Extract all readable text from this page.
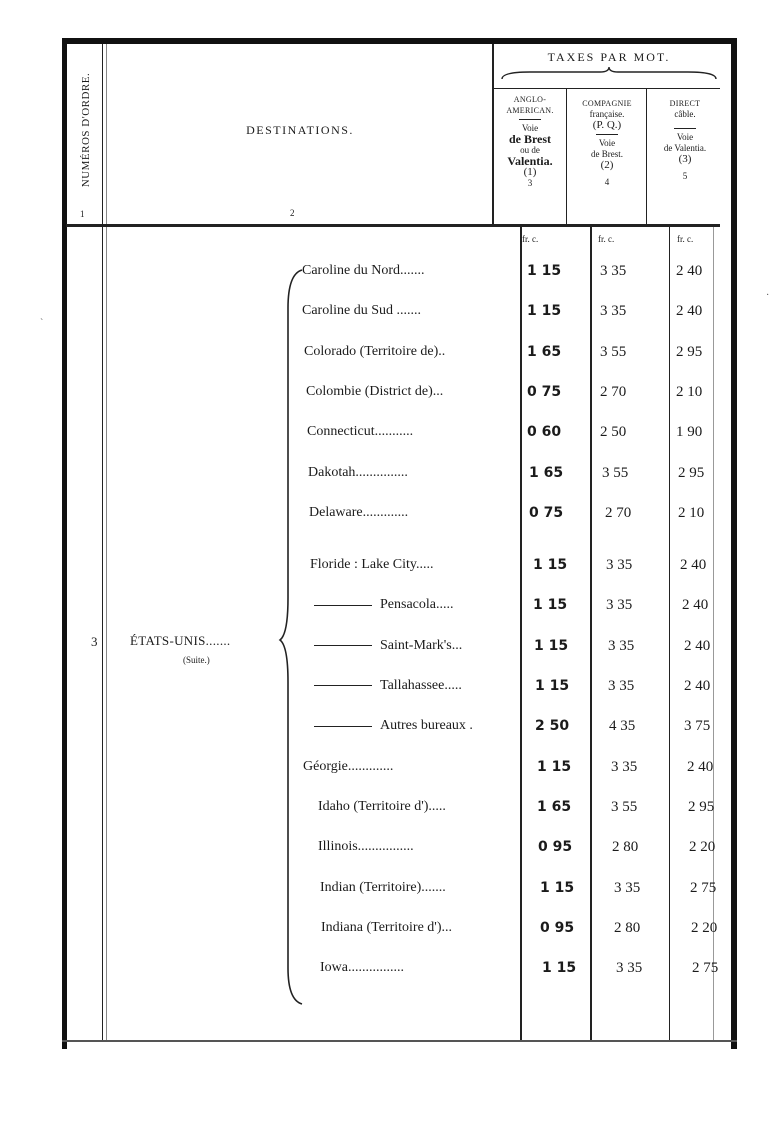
NUMÉROS D'ORDRE.
1
DESTINATIONS.
2
TAXES PAR MOT.
ANGLO-
AMERICAN.
Voie
de Brest
ou de
Valentia.
(1)
3
COMPAGNIE
française.
(P. Q.)
Voie
de Brest.
(2)
4
DIRECT
câble.
Voie
de Valentia.
(3)
5
fr. c.	fr. c.	fr. c.
3	ÉTATS-UNIS.......
(Suite.)
Caroline du Nord.......	1 15	3 35	2 40
Caroline du Sud .......	1 15	3 35	2 40
Colorado (Territoire de)..	1 65	3 55	2 95
Colombie (District de)...	0 75	2 70	2 10
Connecticut...........	0 60	2 50	1 90
Dakotah...............	1 65	3 55	2 95
Delaware.............	0 75	2 70	2 10
Floride : Lake City.....	1 15	3 35	2 40
Pensacola.....	1 15	3 35	2 40
Saint-Mark's...	1 15	3 35	2 40
Tallahassee.....	1 15	3 35	2 40
Autres bureaux .	2 50	4 35	3 75
Géorgie.............	1 15	3 35	2 40
Idaho (Territoire d').....	1 65	3 55	2 95
Illinois................	0 95	2 80	2 20
Indian (Territoire).......	1 15	3 35	2 75
Indiana (Territoire d')...	0 95	2 80	2 20
Iowa................	1 15	3 35	2 75
`
·
